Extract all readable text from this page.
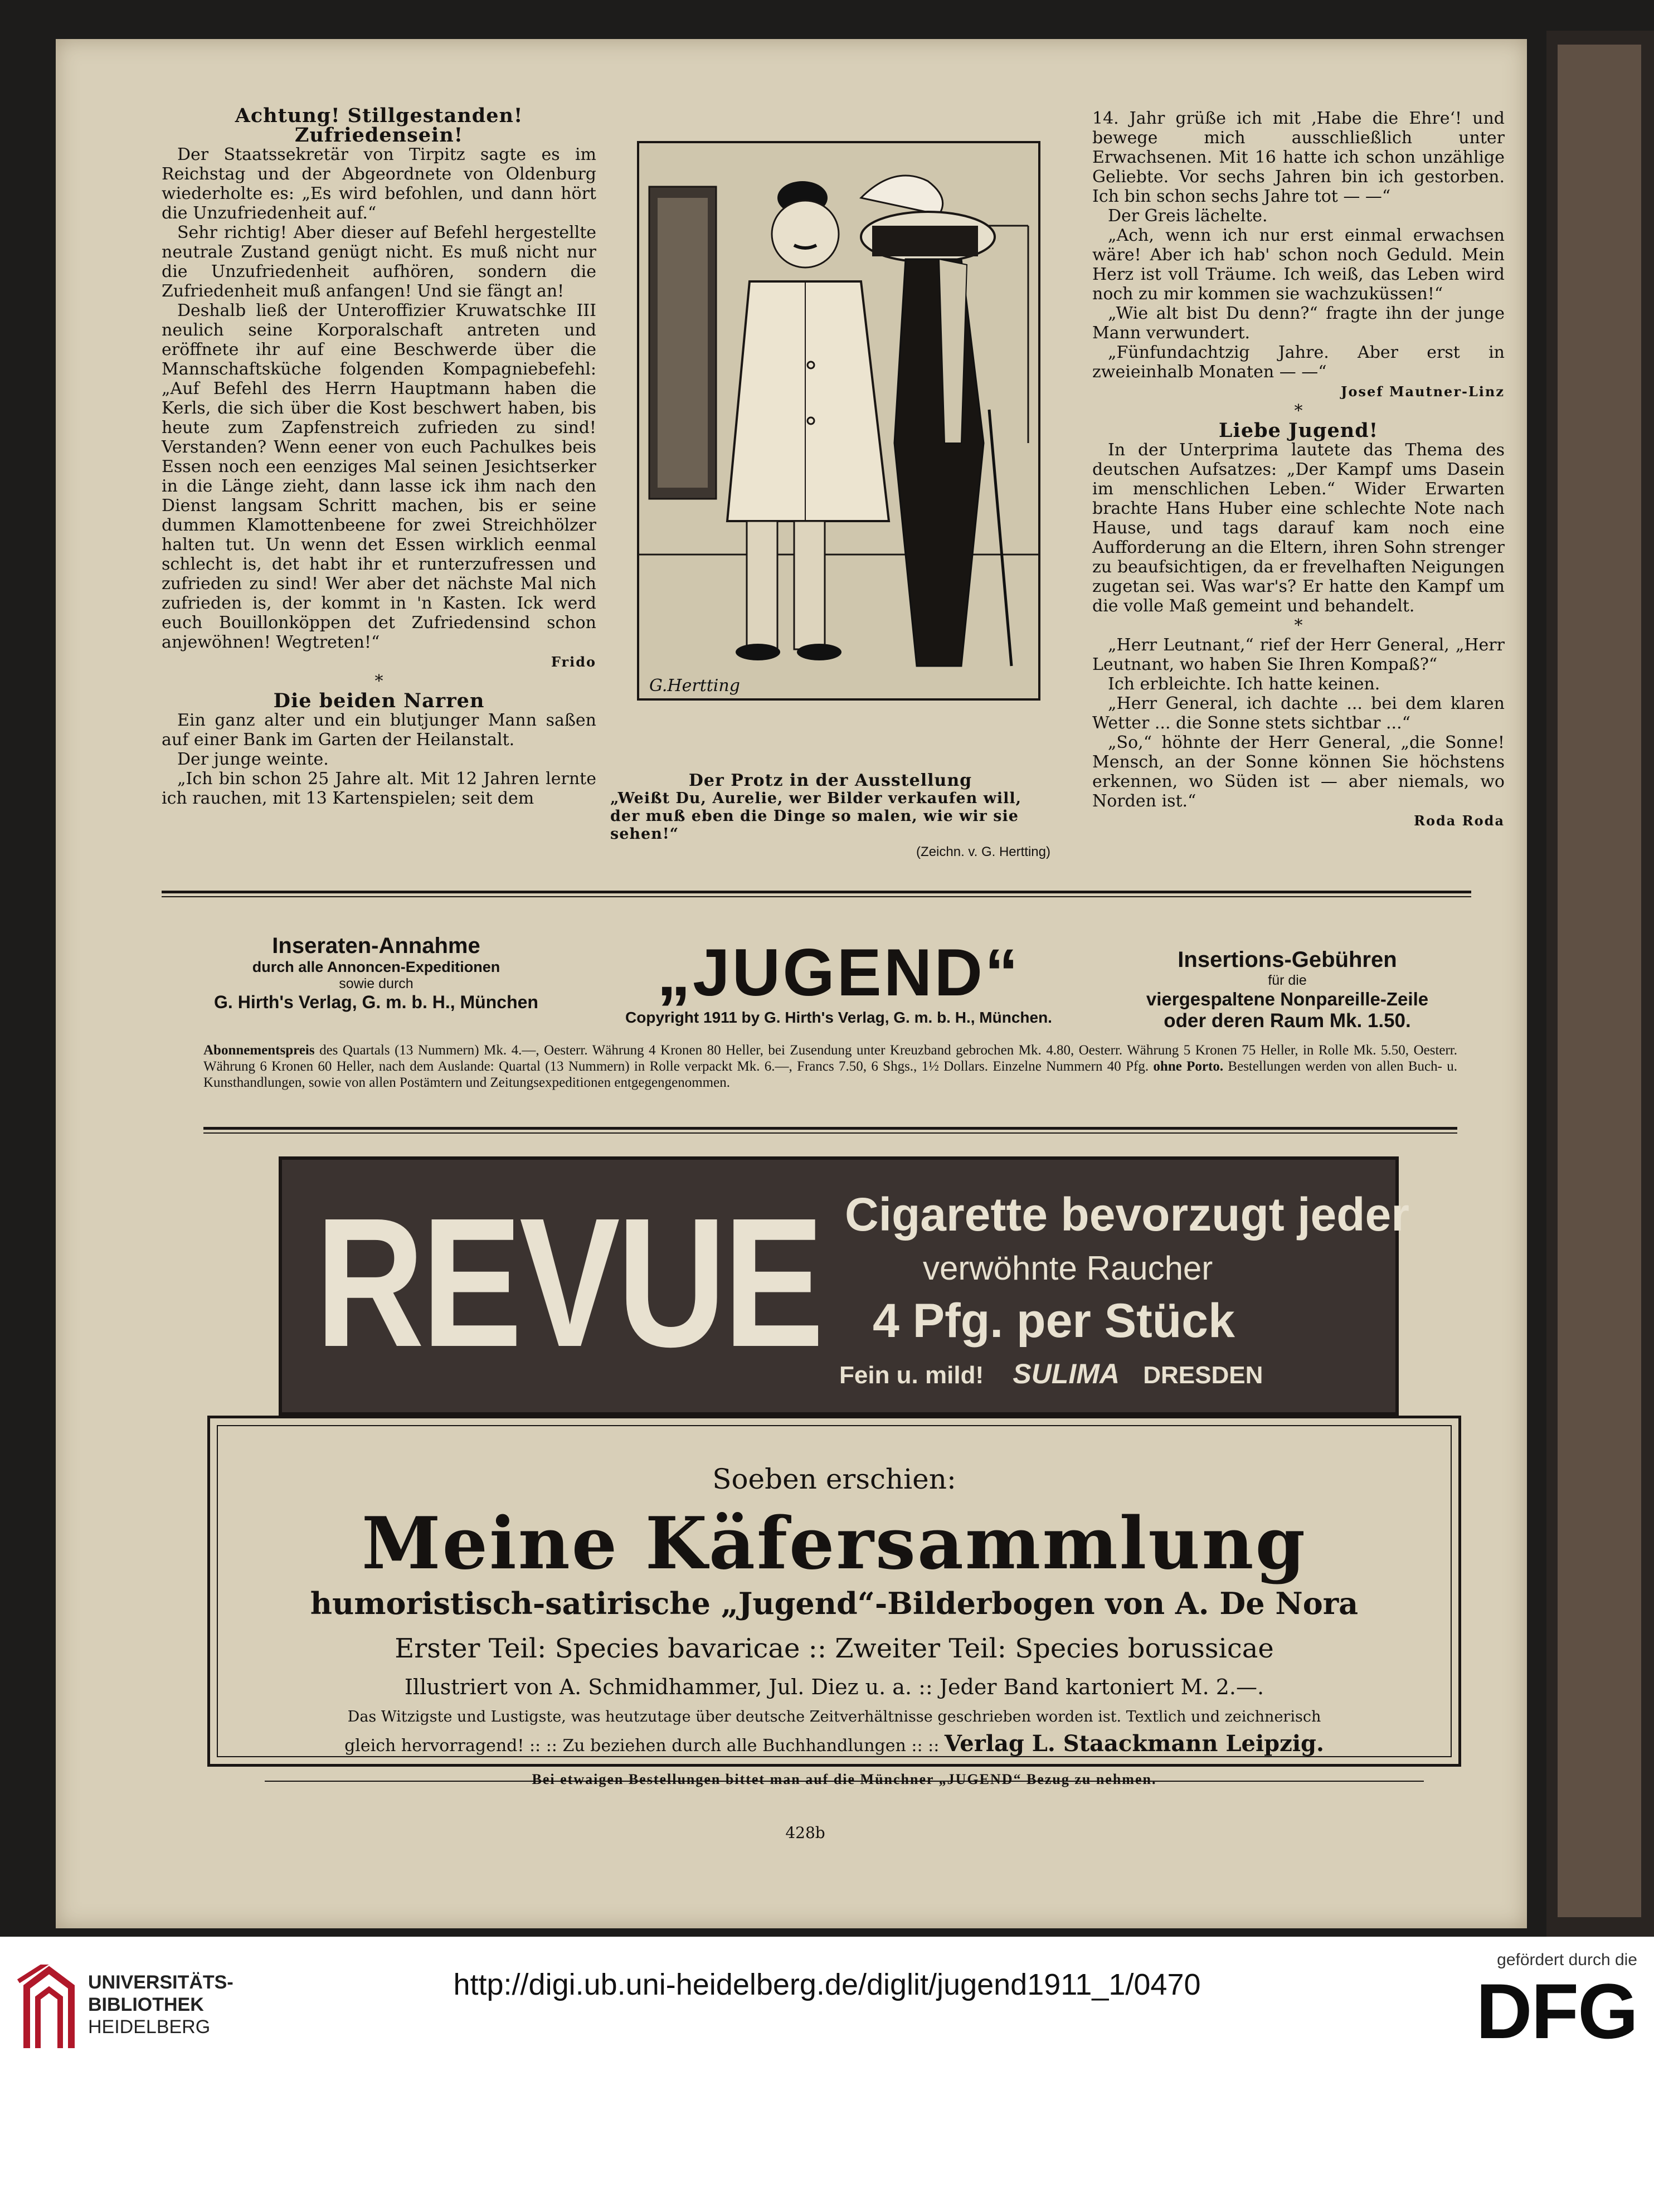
Achtung! Stillgestanden! Zufriedensein!

Der Staatssekretär von Tirpitz sagte es im Reichstag und der Abgeordnete von Oldenburg wiederholte es: „Es wird befohlen, und dann hört die Unzufriedenheit auf.“

Sehr richtig! Aber dieser auf Befehl hergestellte neutrale Zustand genügt nicht. Es muß nicht nur die Unzufriedenheit aufhören, sondern die Zufriedenheit muß anfangen! Und sie fängt an!

Deshalb ließ der Unteroffizier Kruwatschke III neulich seine Korporalschaft antreten und eröffnete ihr auf eine Beschwerde über die Mannschaftsküche folgenden Kompagniebefehl: „Auf Befehl des Herrn Hauptmann haben die Kerls, die sich über die Kost beschwert haben, bis heute zum Zapfenstreich zufrieden zu sind! Verstanden? Wenn eener von euch Pachulkes beis Essen noch een eenziges Mal seinen Jesichtserker in die Länge zieht, dann lasse ick ihm nach den Dienst langsam Schritt machen, bis er seine dummen Klamottenbeene for zwei Streichhölzer halten tut. Un wenn det Essen wirklich eenmal schlecht is, det habt ihr et runterzufressen und zufrieden zu sind! Wer aber det nächste Mal nich zufrieden is, der kommt in 'n Kasten. Ick werd euch Bouillonköppen det Zufriedensind schon anjewöhnen! Wegtreten!“

Frido

*

Die beiden Narren

Ein ganz alter und ein blutjunger Mann saßen auf einer Bank im Garten der Heilanstalt.

Der junge weinte.

„Ich bin schon 25 Jahre alt. Mit 12 Jahren lernte ich rauchen, mit 13 Kartenspielen; seit dem

G.Hertting
Der Protz in der Ausstellung
„Weißt Du, Aurelie, wer Bilder verkaufen will, der muß eben die Dinge so malen, wie wir sie sehen!“
(Zeichn. v. G. Hertting)

14. Jahr grüße ich mit ‚Habe die Ehre‘! und bewege mich ausschließlich unter Erwachsenen. Mit 16 hatte ich schon unzählige Geliebte. Vor sechs Jahren bin ich gestorben. Ich bin schon sechs Jahre tot — —“

Der Greis lächelte.

„Ach, wenn ich nur erst einmal erwachsen wäre! Aber ich hab' schon noch Geduld. Mein Herz ist voll Träume. Ich weiß, das Leben wird noch zu mir kommen sie wachzuküssen!“

„Wie alt bist Du denn?“ fragte ihn der junge Mann verwundert.

„Fünfundachtzig Jahre. Aber erst in zweieinhalb Monaten — —“

Josef Mautner-Linz

*

Liebe Jugend!

In der Unterprima lautete das Thema des deutschen Aufsatzes: „Der Kampf ums Dasein im menschlichen Leben.“ Wider Erwarten brachte Hans Huber eine schlechte Note nach Hause, und tags darauf kam noch eine Aufforderung an die Eltern, ihren Sohn strenger zu beaufsichtigen, da er frevelhaften Neigungen zugetan sei. Was war's? Er hatte den Kampf um die volle Maß gemeint und behandelt.

*

„Herr Leutnant,“ rief der Herr General, „Herr Leutnant, wo haben Sie Ihren Kompaß?“

Ich erbleichte. Ich hatte keinen.

„Herr General, ich dachte ... bei dem klaren Wetter ... die Sonne stets sichtbar ...“

„So,“ höhnte der Herr General, „die Sonne! Mensch, an der Sonne können Sie höchstens erkennen, wo Süden ist — aber niemals, wo Norden ist.“

Roda Roda

Inseraten-Annahme
durch alle Annoncen-Expeditionen
sowie durch
G. Hirth's Verlag, G. m. b. H., München	„JUGEND“
Copyright 1911 by G. Hirth's Verlag, G. m. b. H., München.
Insertions-Gebühren
für die
viergespaltene Nonpareille-Zeile
oder deren Raum Mk. 1.50.
Abonnementspreis des Quartals (13 Nummern) Mk. 4.—, Oesterr. Währung 4 Kronen 80 Heller, bei Zusendung unter Kreuzband gebrochen Mk. 4.80, Oesterr. Währung 5 Kronen 75 Heller, in Rolle Mk. 5.50, Oesterr. Währung 6 Kronen 60 Heller, nach dem Auslande: Quartal (13 Nummern) in Rolle verpackt Mk. 6.—, Francs 7.50, 6 Shgs., 1½ Dollars. Einzelne Nummern 40 Pfg. ohne Porto. Bestellungen werden von allen Buch- u. Kunsthandlungen, sowie von allen Postämtern und Zeitungsexpeditionen entgegengenommen.
REVUE Cigarette bevorzugt jeder
verwöhnte Raucher
4 Pfg. per Stück
Fein u. mild! SULIMA DRESDEN
Soeben erschien:
Meine Käfersammlung
humoristisch-satirische „Jugend“-Bilderbogen von A. De Nora
Erster Teil: Species bavaricae :: Zweiter Teil: Species borussicae
Illustriert von A. Schmidhammer, Jul. Diez u. a. :: Jeder Band kartoniert M. 2.—.
Das Witzigste und Lustigste, was heutzutage über deutsche Zeitverhältnisse geschrieben worden ist. Textlich und zeichnerisch
gleich hervorragend! :: :: Zu beziehen durch alle Buchhandlungen :: :: Verlag L. Staackmann Leipzig.
Bei etwaigen Bestellungen bittet man auf die Münchner „JUGEND“ Bezug zu nehmen.
428b
UNIVERSITÄTS-
BIBLIOTHEK
HEIDELBERG
http://digi.ub.uni-heidelberg.de/diglit/jugend1911_1/0470
gefördert durch die
DFG
